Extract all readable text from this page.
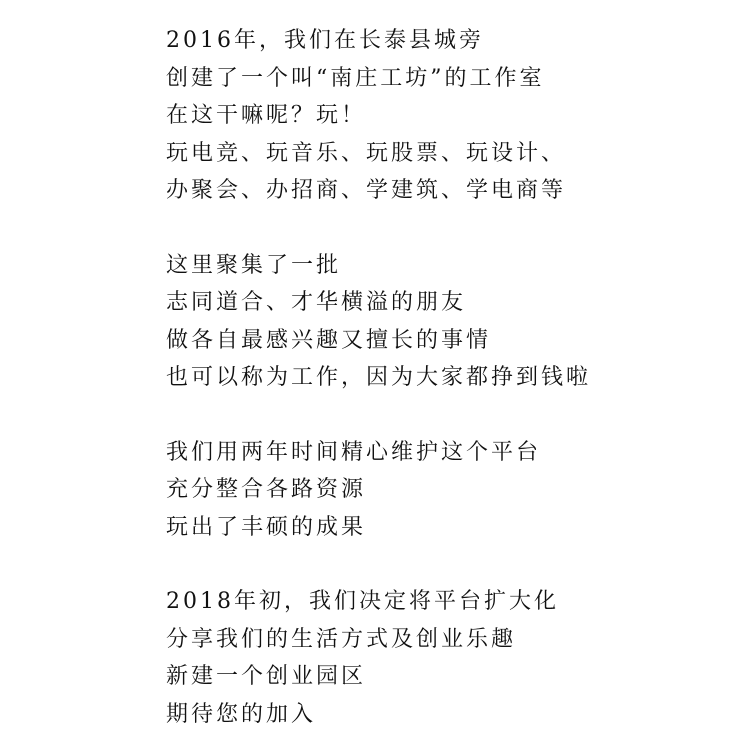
2016年，我们在长泰县城旁
创建了一个叫“南庄工坊”的工作室
在这干嘛呢？玩！
玩电竞、玩音乐、玩股票、玩设计、
办聚会、办招商、学建筑、学电商等
这里聚集了一批
志同道合、才华横溢的朋友
做各自最感兴趣又擅长的事情
也可以称为工作，因为大家都挣到钱啦
我们用两年时间精心维护这个平台
充分整合各路资源
玩出了丰硕的成果
2018年初，我们决定将平台扩大化
分享我们的生活方式及创业乐趣
新建一个创业园区
期待您的加入
